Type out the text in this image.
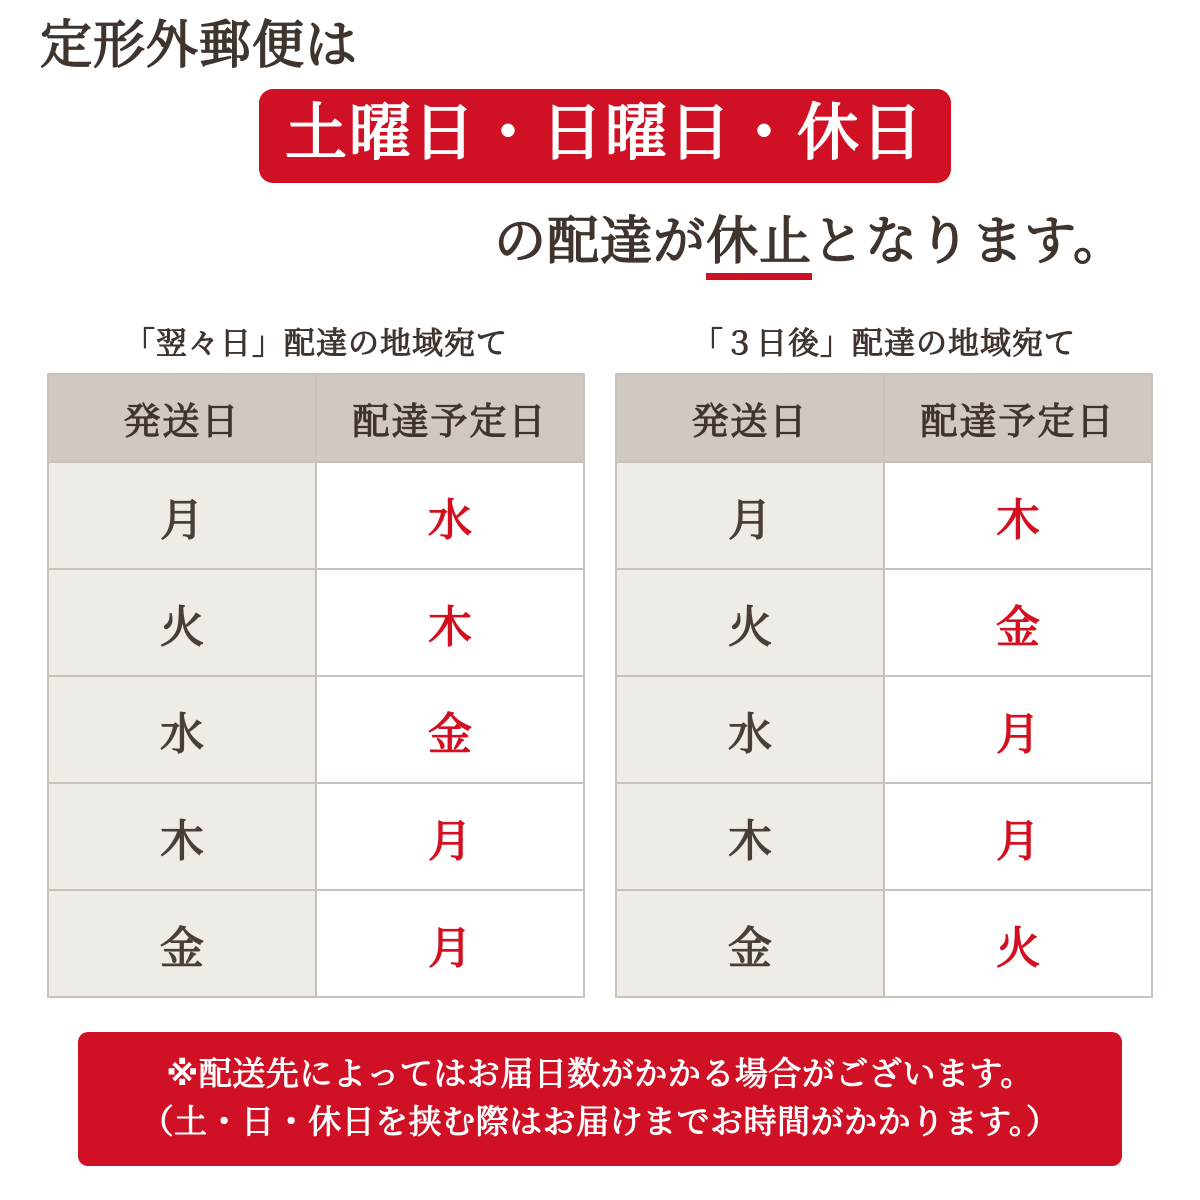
定形外郵便は
土曜日・日曜日・休日
の配達が休止となります。
「翌々日」配達の地域宛て
発送日	配達予定日
月	水
火	木
水	金
木	月
金	月
「３日後」配達の地域宛て
発送日	配達予定日
月	木
火	金
水	月
木	月
金	火
※配送先によってはお届日数がかかる場合がございます。
（土・日・休日を挟む際はお届けまでお時間がかかります。）
